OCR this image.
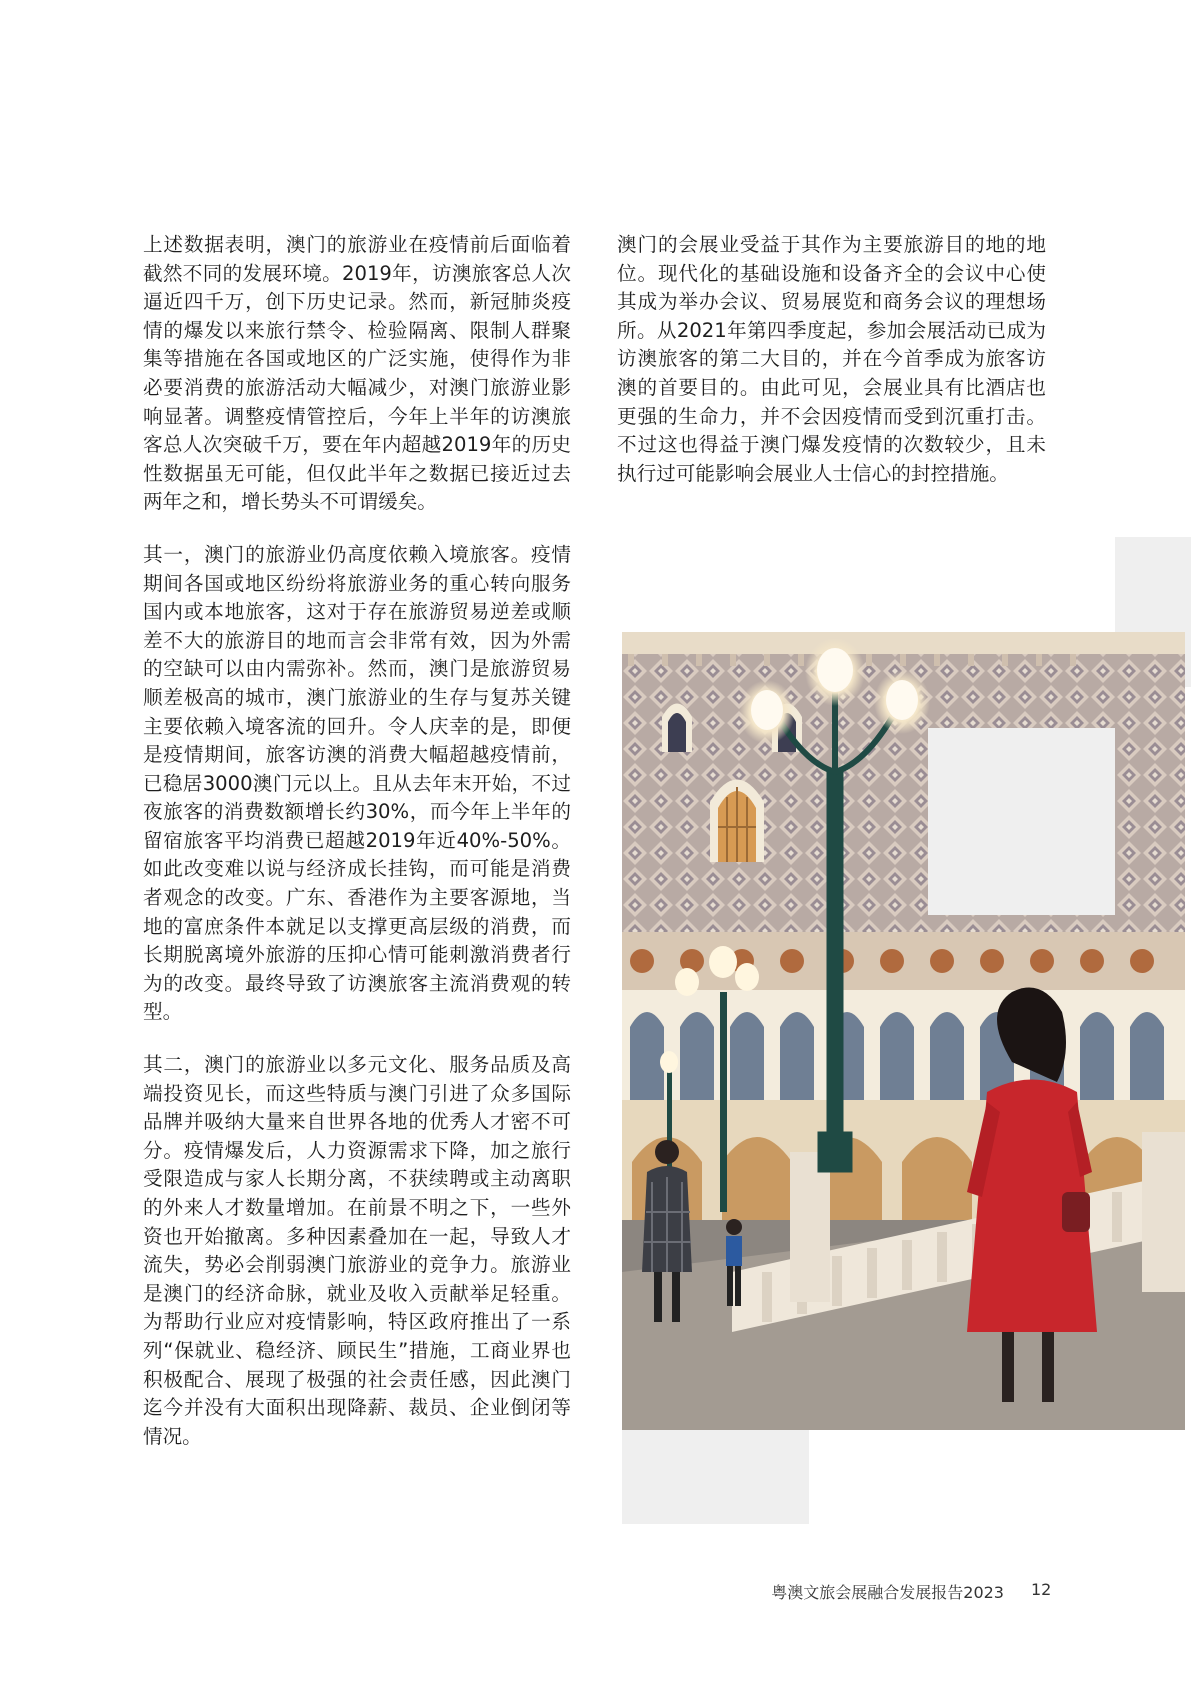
上述数据表明，澳门的旅游业在疫情前后面临着截然不同的发展环境。2019年，访澳旅客总人次逼近四千万，创下历史记录。然而，新冠肺炎疫情的爆发以来旅行禁令、检验隔离、限制人群聚集等措施在各国或地区的广泛实施，使得作为非必要消费的旅游活动大幅减少，对澳门旅游业影响显著。调整疫情管控后，今年上半年的访澳旅客总人次突破千万，要在年内超越2019年的历史性数据虽无可能，但仅此半年之数据已接近过去两年之和，增长势头不可谓缓矣。

其一，澳门的旅游业仍高度依赖入境旅客。疫情期间各国或地区纷纷将旅游业务的重心转向服务国内或本地旅客，这对于存在旅游贸易逆差或顺差不大的旅游目的地而言会非常有效，因为外需的空缺可以由内需弥补。然而，澳门是旅游贸易顺差极高的城市，澳门旅游业的生存与复苏关键主要依赖入境客流的回升。令人庆幸的是，即便是疫情期间，旅客访澳的消费大幅超越疫情前，已稳居3000澳门元以上。且从去年末开始，不过夜旅客的消费数额增长约30%，而今年上半年的留宿旅客平均消费已超越2019年近40%-50%。如此改变难以说与经济成长挂钩，而可能是消费者观念的改变。广东、香港作为主要客源地，当地的富庶条件本就足以支撑更高层级的消费，而长期脱离境外旅游的压抑心情可能刺激消费者行为的改变。最终导致了访澳旅客主流消费观的转型。

其二，澳门的旅游业以多元文化、服务品质及高端投资见长，而这些特质与澳门引进了众多国际品牌并吸纳大量来自世界各地的优秀人才密不可分。疫情爆发后，人力资源需求下降，加之旅行受限造成与家人长期分离，不获续聘或主动离职的外来人才数量增加。在前景不明之下，一些外资也开始撤离。多种因素叠加在一起，导致人才流失，势必会削弱澳门旅游业的竞争力。旅游业是澳门的经济命脉，就业及收入贡献举足轻重。为帮助行业应对疫情影响，特区政府推出了一系列“保就业、稳经济、顾民生”措施，工商业界也积极配合、展现了极强的社会责任感，因此澳门迄今并没有大面积出现降薪、裁员、企业倒闭等情况。

澳门的会展业受益于其作为主要旅游目的地的地位。现代化的基础设施和设备齐全的会议中心使其成为举办会议、贸易展览和商务会议的理想场所。从2021年第四季度起，参加会展活动已成为访澳旅客的第二大目的，并在今首季成为旅客访澳的首要目的。由此可见，会展业具有比酒店也更强的生命力，并不会因疫情而受到沉重打击。不过这也得益于澳门爆发疫情的次数较少，且未执行过可能影响会展业人士信心的封控措施。

粤澳文旅会展融合发展报告2023 12
